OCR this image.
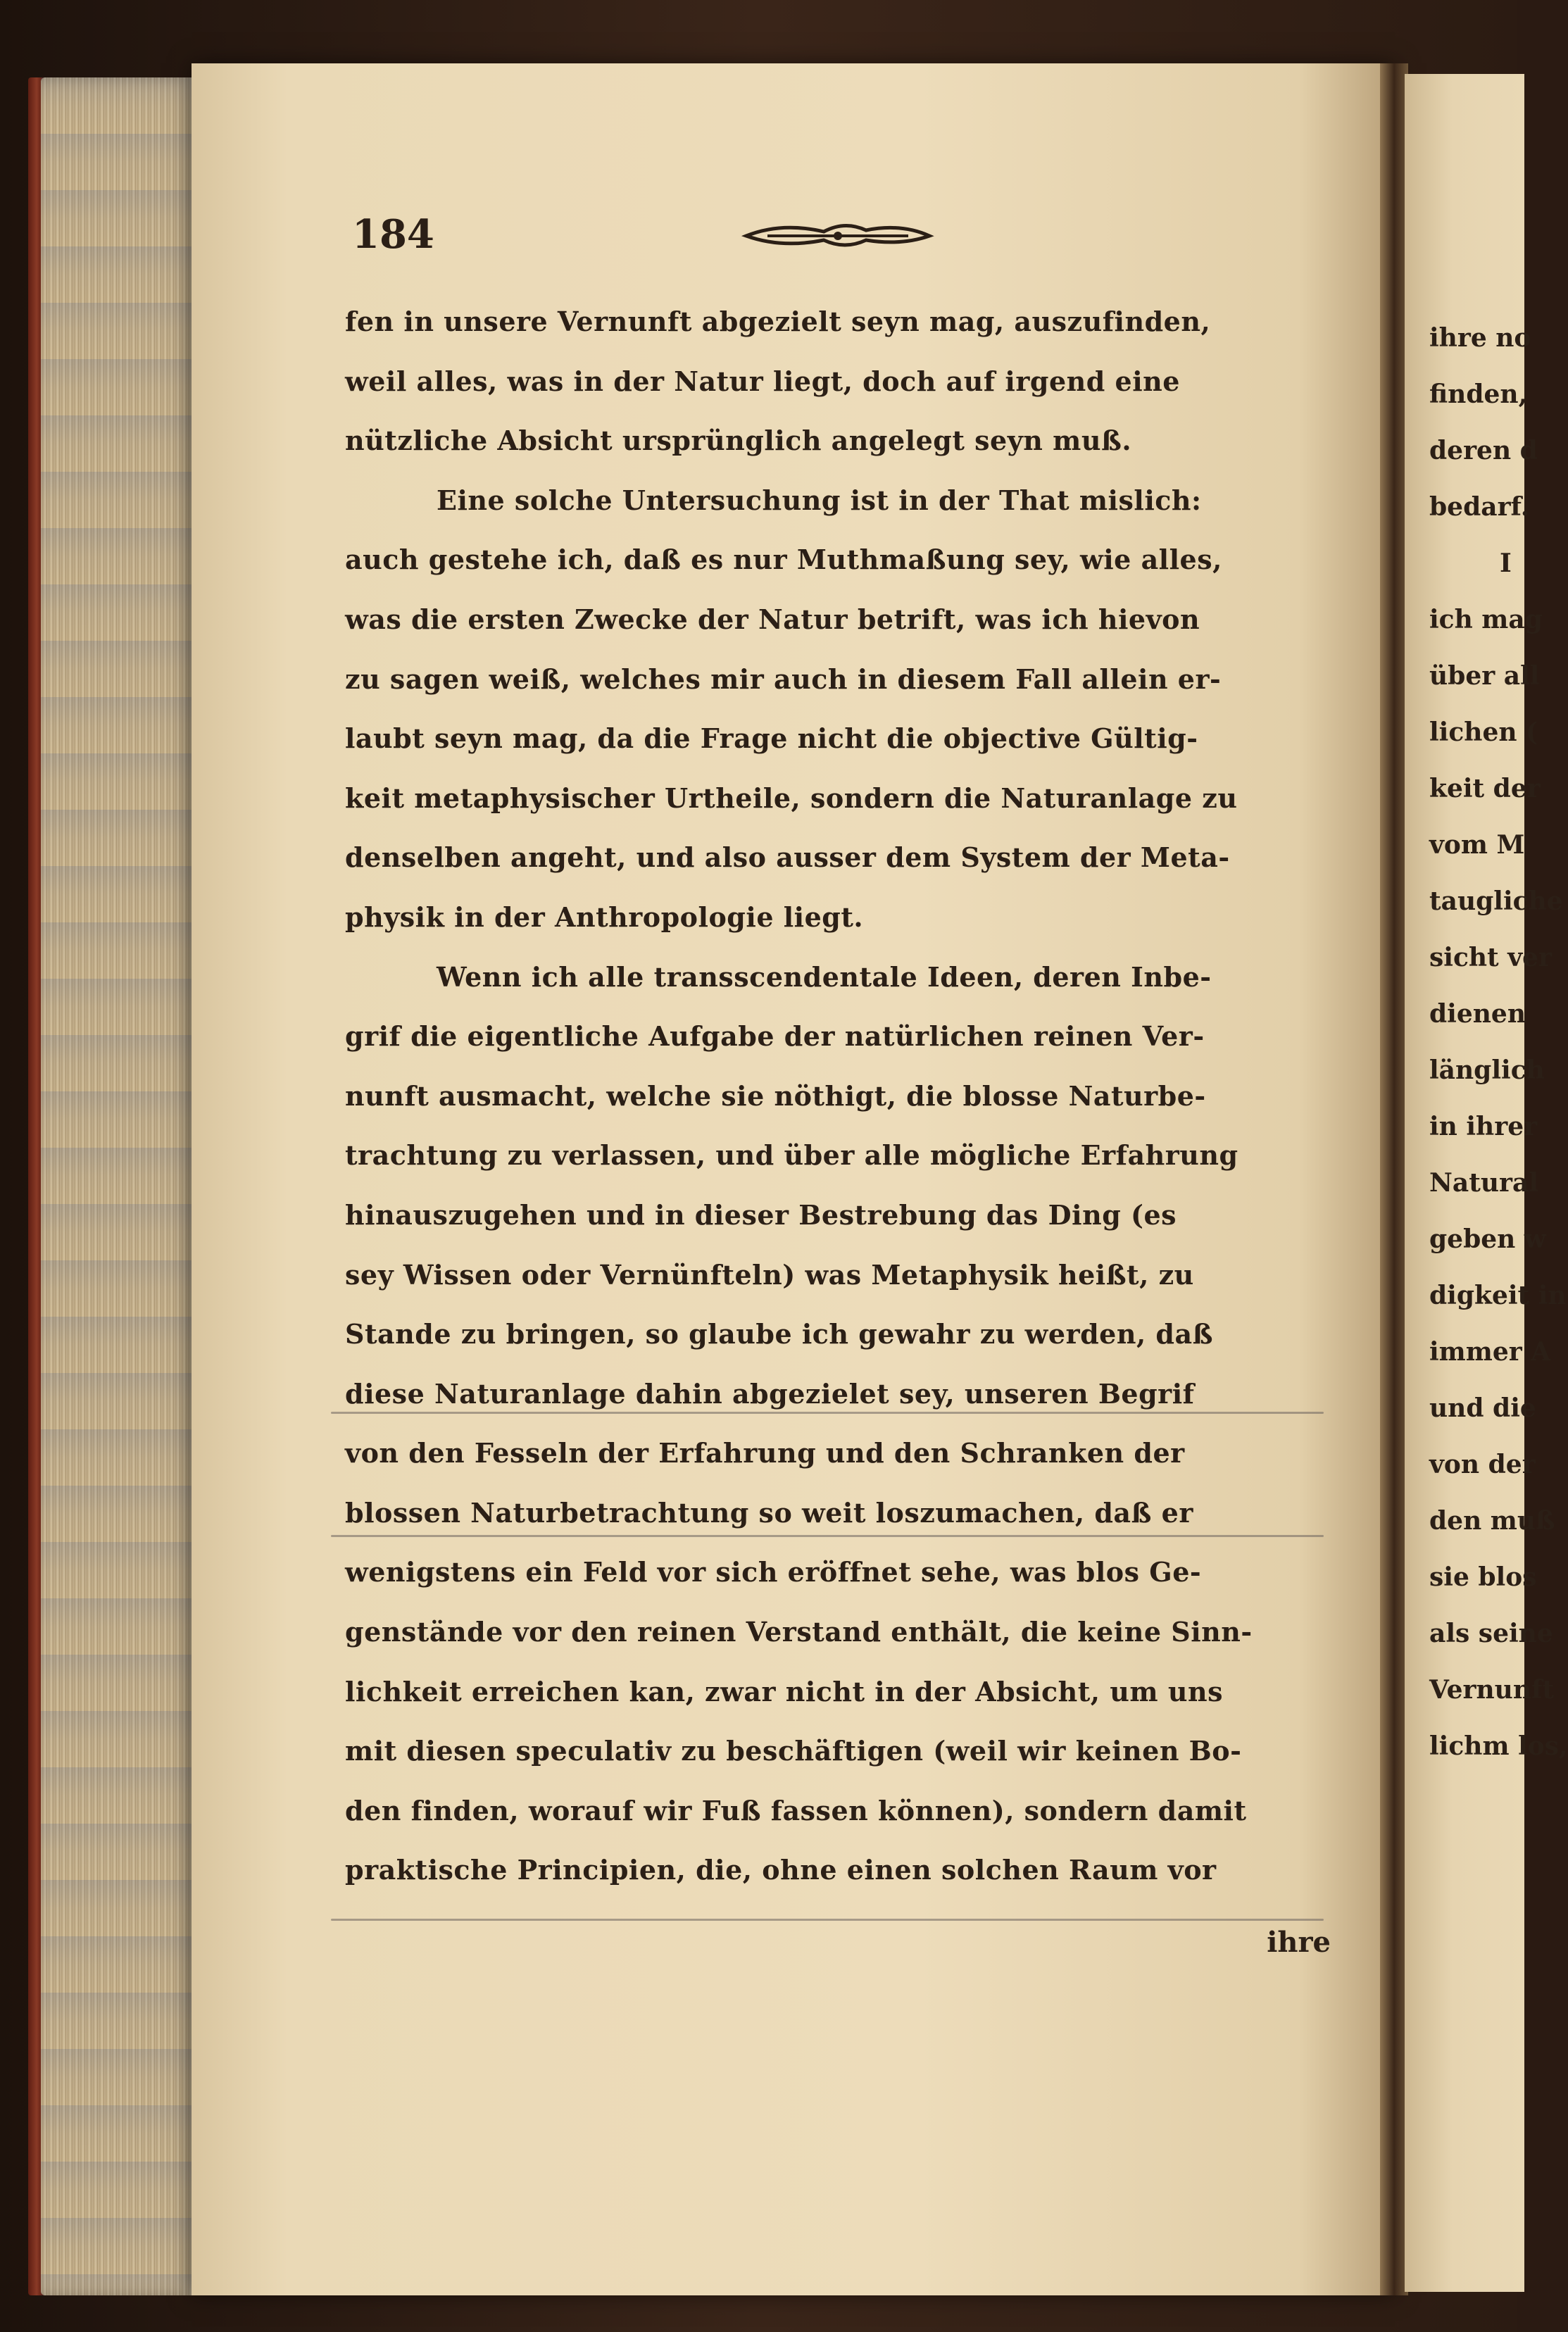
184
fen in unsere Vernunft abgezielt seyn mag, auszufinden,
weil alles, was in der Natur liegt, doch auf irgend eine
nützliche Absicht ursprünglich angelegt seyn muß.
Eine solche Untersuchung ist in der That mislich:
auch gestehe ich, daß es nur Muthmaßung sey, wie alles,
was die ersten Zwecke der Natur betrift, was ich hievon
zu sagen weiß, welches mir auch in diesem Fall allein er-
laubt seyn mag, da die Frage nicht die objective Gültig-
keit metaphysischer Urtheile, sondern die Naturanlage zu
denselben angeht, und also ausser dem System der Meta-
physik in der Anthropologie liegt.
Wenn ich alle transscendentale Ideen, deren Inbe-
grif die eigentliche Aufgabe der natürlichen reinen Ver-
nunft ausmacht, welche sie nöthigt, die blosse Naturbe-
trachtung zu verlassen, und über alle mögliche Erfahrung
hinauszugehen und in dieser Bestrebung das Ding (es
sey Wissen oder Vernünfteln) was Metaphysik heißt, zu
Stande zu bringen, so glaube ich gewahr zu werden, daß
diese Naturanlage dahin abgezielet sey, unseren Begrif
von den Fesseln der Erfahrung und den Schranken der
blossen Naturbetrachtung so weit loszumachen, daß er
wenigstens ein Feld vor sich eröffnet sehe, was blos Ge-
genstände vor den reinen Verstand enthält, die keine Sinn-
lichkeit erreichen kan, zwar nicht in der Absicht, um uns
mit diesen speculativ zu beschäftigen (weil wir keinen Bo-
den finden, worauf wir Fuß fassen können), sondern damit
praktische Principien, die, ohne einen solchen Raum vor
ihre
ihre no
finden,
deren d
bedarf.
I
ich mag
über all
lichen (
keit der
vom M
taugliche
sicht ver
dienen
länglich
in ihrer
Natural
geben w
digkeit in
immer A
und die
von der
den muß
sie blos
als seine
Vernunft
lichm los,
